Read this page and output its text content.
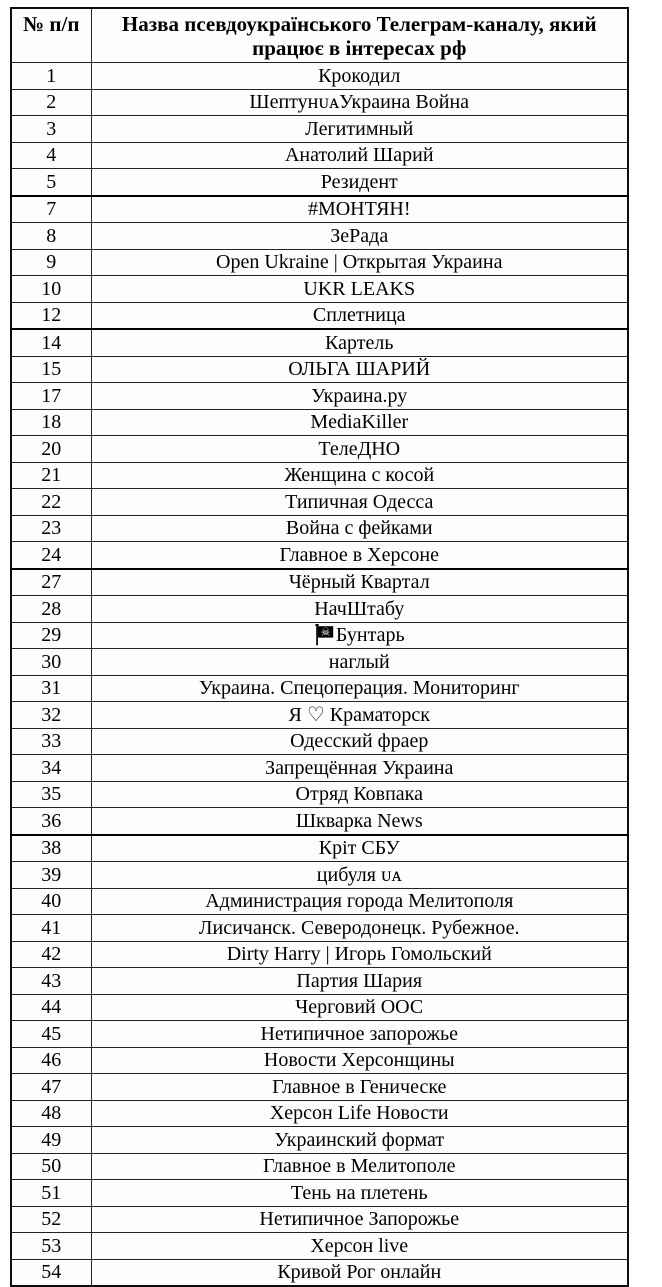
№ п/п	Назва псевдоукраїнського Телеграм-каналу, який працює в інтересах рф
1	Крокодил
2	ШептунᴜᴀУкраина Война
3	Легитимный
4	Анатолий Шарий
5	Резидент
7	#МОНТЯН!
8	ЗеРада
9	Open Ukraine | Открытая Украина
10	UKR LEAKS
12	Сплетница
14	Картель
15	ОЛЬГА ШАРИЙ
17	Украина.ру
18	MediaKiller
20	ТелеДНО
21	Женщина с косой
22	Типичная Одесса
23	Война с фейками
24	Главное в Херсоне
27	Чёрный Квартал
28	НачШтабу
29	☠ Бунтарь
30	наглый
31	Украина. Спецоперация. Мониторинг
32	Я ♡ Краматорск
33	Одесский фраер
34	Запрещённая Украина
35	Отряд Ковпака
36	Шкварка News
38	Кріт СБУ
39	цибуля ᴜᴀ
40	Администрация города Мелитополя
41	Лисичанск. Северодонецк. Рубежное.
42	Dirty Harry | Игорь Гомольский
43	Партия Шария
44	Черговий ООС
45	Нетипичное запорожье
46	Новости Херсонщины
47	Главное в Геническе
48	Херсон Life Новости
49	Украинский формат
50	Главное в Мелитополе
51	Тень на плетень
52	Нетипичное Запорожье
53	Херсон live
54	Кривой Рог онлайн
